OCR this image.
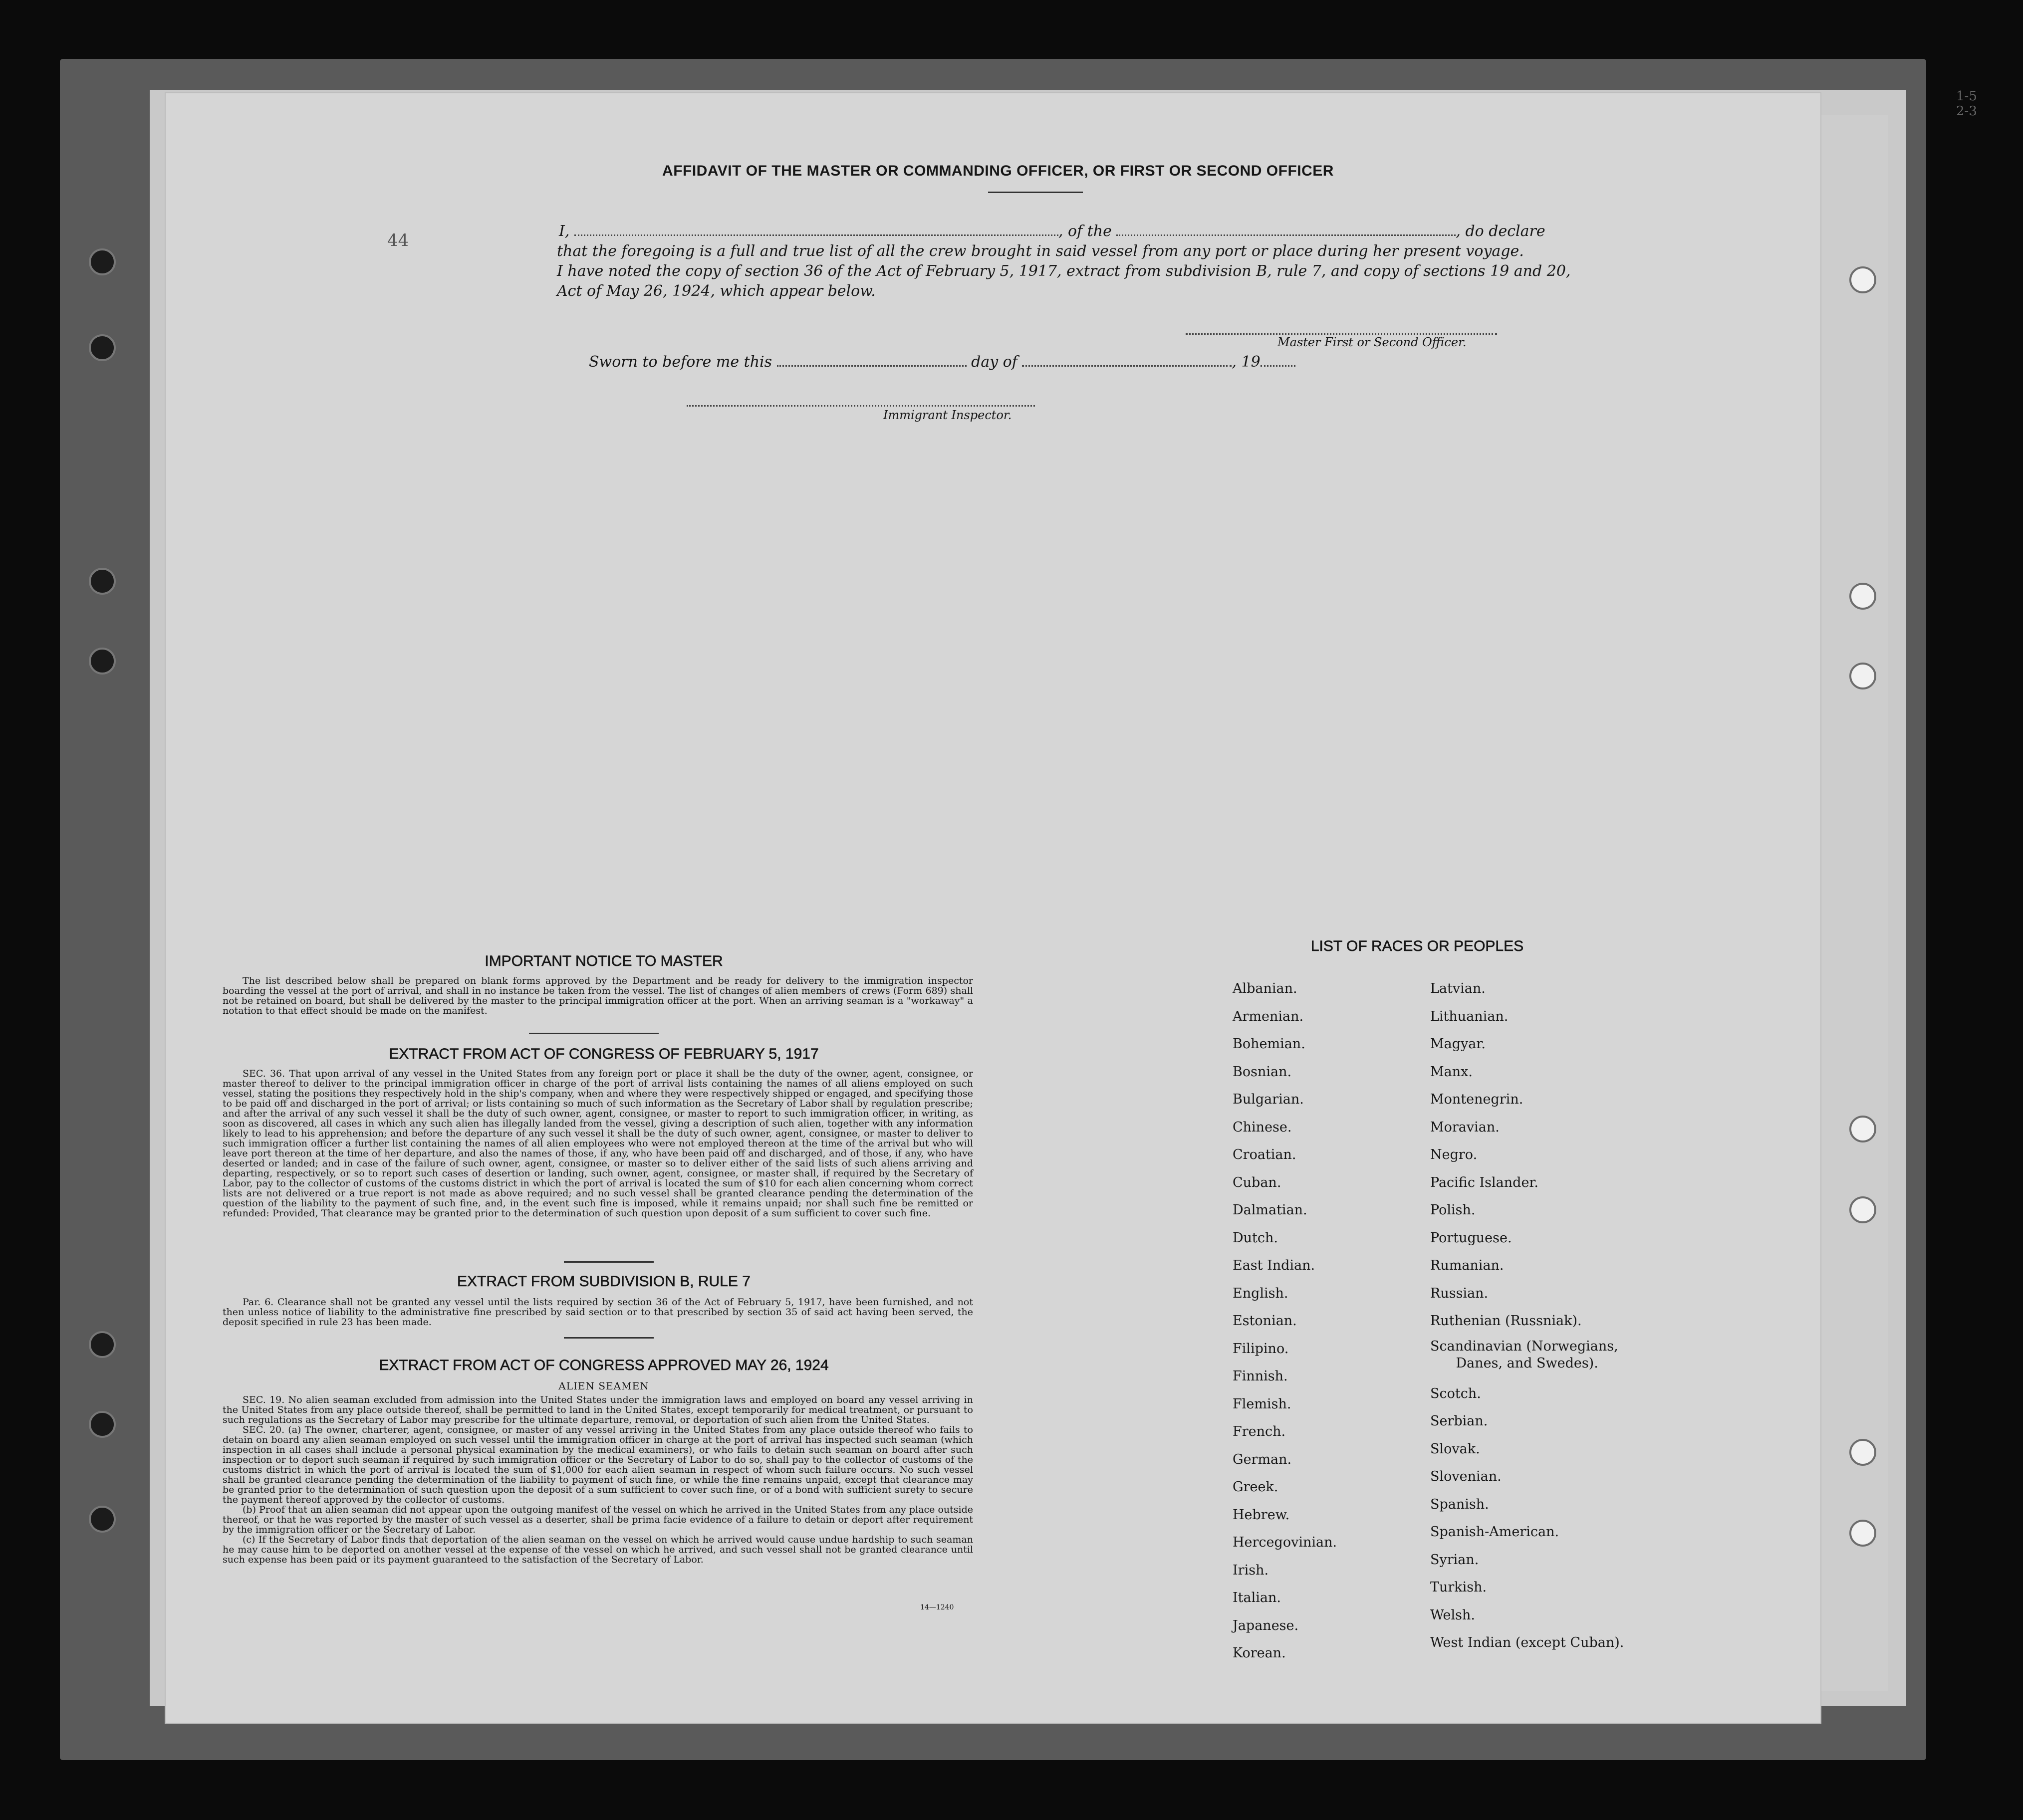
44
1-5
2-3
AFFIDAVIT OF THE MASTER OR COMMANDING OFFICER, OR FIRST OR SECOND OFFICER
I,	, of the	, do declare
that the foregoing is a full and true list of all the crew brought in said vessel from any port or place during her present voyage.
I have noted the copy of section 36 of the Act of February 5, 1917, extract from subdivision B, rule 7, and copy of sections 19 and 20,
Act of May 26, 1924, which appear below.
Master First or Second Officer.
Sworn to before me this	day of	, 19
Immigrant Inspector.
IMPORTANT NOTICE TO MASTER
The list described below shall be prepared on blank forms approved by the Department and be ready for delivery to the immigration inspector boarding the vessel at the port of arrival, and shall in no instance be taken from the vessel. The list of changes of alien members of crews (Form 689) shall not be retained on board, but shall be delivered by the master to the principal immigration officer at the port. When an arriving seaman is a "workaway" a notation to that effect should be made on the manifest.
EXTRACT FROM ACT OF CONGRESS OF FEBRUARY 5, 1917
SEC. 36. That upon arrival of any vessel in the United States from any foreign port or place it shall be the duty of the owner, agent, consignee, or master thereof to deliver to the principal immigration officer in charge of the port of arrival lists containing the names of all aliens employed on such vessel, stating the positions they respectively hold in the ship's company, when and where they were respectively shipped or engaged, and specifying those to be paid off and discharged in the port of arrival; or lists containing so much of such information as the Secretary of Labor shall by regulation prescribe; and after the arrival of any such vessel it shall be the duty of such owner, agent, consignee, or master to report to such immigration officer, in writing, as soon as discovered, all cases in which any such alien has illegally landed from the vessel, giving a description of such alien, together with any information likely to lead to his apprehension; and before the departure of any such vessel it shall be the duty of such owner, agent, consignee, or master to deliver to such immigration officer a further list containing the names of all alien employees who were not employed thereon at the time of the arrival but who will leave port thereon at the time of her departure, and also the names of those, if any, who have been paid off and discharged, and of those, if any, who have deserted or landed; and in case of the failure of such owner, agent, consignee, or master so to deliver either of the said lists of such aliens arriving and departing, respectively, or so to report such cases of desertion or landing, such owner, agent, consignee, or master shall, if required by the Secretary of Labor, pay to the collector of customs of the customs district in which the port of arrival is located the sum of $10 for each alien concerning whom correct lists are not delivered or a true report is not made as above required; and no such vessel shall be granted clearance pending the determination of the question of the liability to the payment of such fine, and, in the event such fine is imposed, while it remains unpaid; nor shall such fine be remitted or refunded: Provided, That clearance may be granted prior to the determination of such question upon deposit of a sum sufficient to cover such fine.
EXTRACT FROM SUBDIVISION B, RULE 7
Par. 6. Clearance shall not be granted any vessel until the lists required by section 36 of the Act of February 5, 1917, have been furnished, and not then unless notice of liability to the administrative fine prescribed by said section or to that prescribed by section 35 of said act having been served, the deposit specified in rule 23 has been made.
EXTRACT FROM ACT OF CONGRESS APPROVED MAY 26, 1924
ALIEN SEAMEN
SEC. 19. No alien seaman excluded from admission into the United States under the immigration laws and employed on board any vessel arriving in the United States from any place outside thereof, shall be permitted to land in the United States, except temporarily for medical treatment, or pursuant to such regulations as the Secretary of Labor may prescribe for the ultimate departure, removal, or deportation of such alien from the United States.
SEC. 20. (a) The owner, charterer, agent, consignee, or master of any vessel arriving in the United States from any place outside thereof who fails to detain on board any alien seaman employed on such vessel until the immigration officer in charge at the port of arrival has inspected such seaman (which inspection in all cases shall include a personal physical examination by the medical examiners), or who fails to detain such seaman on board after such inspection or to deport such seaman if required by such immigration officer or the Secretary of Labor to do so, shall pay to the collector of customs of the customs district in which the port of arrival is located the sum of $1,000 for each alien seaman in respect of whom such failure occurs. No such vessel shall be granted clearance pending the determination of the liability to payment of such fine, or while the fine remains unpaid, except that clearance may be granted prior to the determination of such question upon the deposit of a sum sufficient to cover such fine, or of a bond with sufficient surety to secure the payment thereof approved by the collector of customs.
(b) Proof that an alien seaman did not appear upon the outgoing manifest of the vessel on which he arrived in the United States from any place outside thereof, or that he was reported by the master of such vessel as a deserter, shall be prima facie evidence of a failure to detain or deport after requirement by the immigration officer or the Secretary of Labor.
(c) If the Secretary of Labor finds that deportation of the alien seaman on the vessel on which he arrived would cause undue hardship to such seaman he may cause him to be deported on another vessel at the expense of the vessel on which he arrived, and such vessel shall not be granted clearance until such expense has been paid or its payment guaranteed to the satisfaction of the Secretary of Labor.
14—1240
LIST OF RACES OR PEOPLES
Albanian.
Armenian.
Bohemian.
Bosnian.
Bulgarian.
Chinese.
Croatian.
Cuban.
Dalmatian.
Dutch.
East Indian.
English.
Estonian.
Filipino.
Finnish.
Flemish.
French.
German.
Greek.
Hebrew.
Hercegovinian.
Irish.
Italian.
Japanese.
Korean.
Latvian.
Lithuanian.
Magyar.
Manx.
Montenegrin.
Moravian.
Negro.
Pacific Islander.
Polish.
Portuguese.
Rumanian.
Russian.
Ruthenian (Russniak).
Scandinavian (Norwegians,
Danes, and Swedes).
Scotch.
Serbian.
Slovak.
Slovenian.
Spanish.
Spanish-American.
Syrian.
Turkish.
Welsh.
West Indian (except Cuban).
